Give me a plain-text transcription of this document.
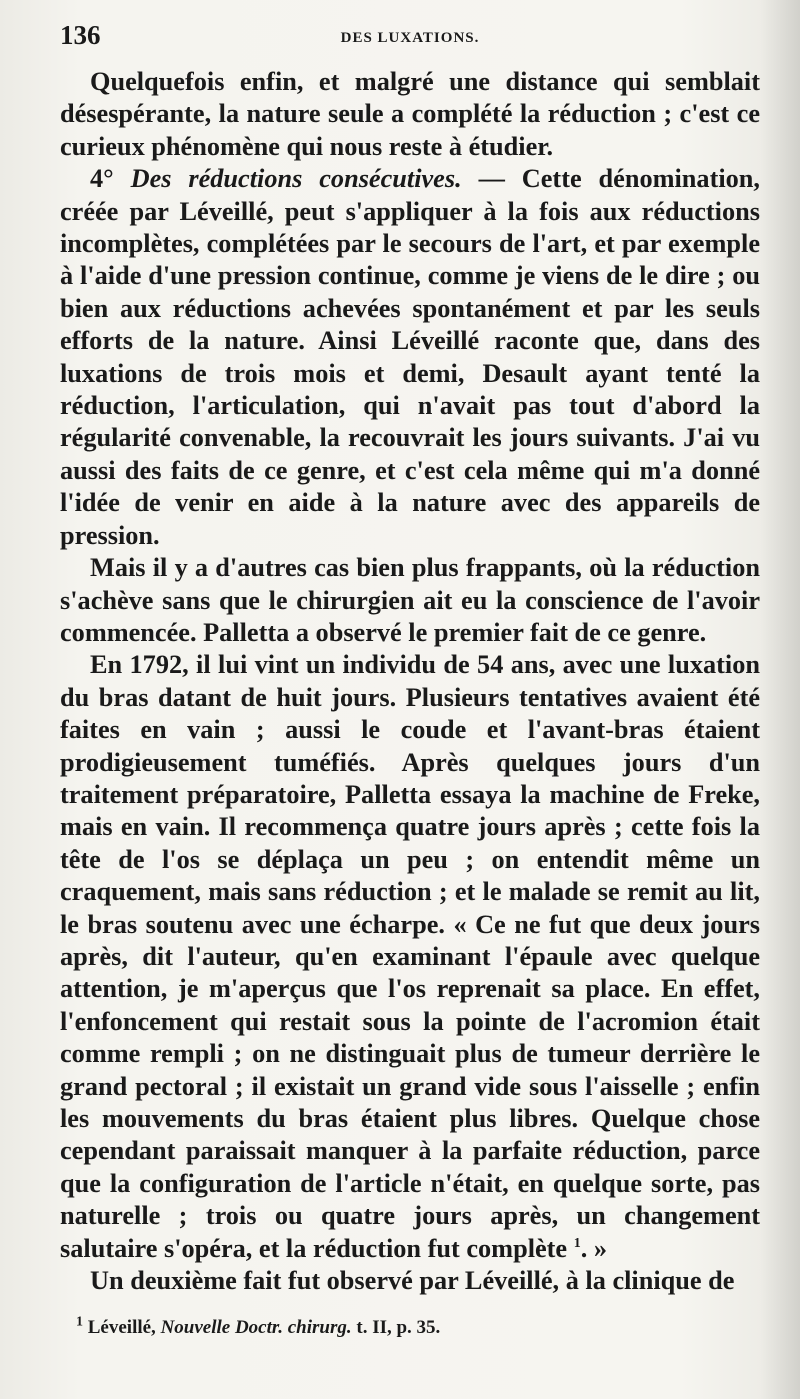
136	DES LUXATIONS.

Quelquefois enfin, et malgré une distance qui semblait désespérante, la nature seule a complété la réduction ; c'est ce curieux phénomène qui nous reste à étudier.

4° Des réductions consécutives. — Cette dénomination, créée par Léveillé, peut s'appliquer à la fois aux réductions incomplètes, complétées par le secours de l'art, et par exemple à l'aide d'une pression continue, comme je viens de le dire ; ou bien aux réductions achevées spontanément et par les seuls efforts de la nature. Ainsi Léveillé raconte que, dans des luxations de trois mois et demi, Desault ayant tenté la réduction, l'articulation, qui n'avait pas tout d'abord la régularité convenable, la recouvrait les jours suivants. J'ai vu aussi des faits de ce genre, et c'est cela même qui m'a donné l'idée de venir en aide à la nature avec des appareils de pression.

Mais il y a d'autres cas bien plus frappants, où la réduction s'achève sans que le chirurgien ait eu la conscience de l'avoir commencée. Palletta a observé le premier fait de ce genre.

En 1792, il lui vint un individu de 54 ans, avec une luxation du bras datant de huit jours. Plusieurs tentatives avaient été faites en vain ; aussi le coude et l'avant-bras étaient prodigieusement tuméfiés. Après quelques jours d'un traitement préparatoire, Palletta essaya la machine de Freke, mais en vain. Il recommença quatre jours après ; cette fois la tête de l'os se déplaça un peu ; on entendit même un craquement, mais sans réduction ; et le malade se remit au lit, le bras soutenu avec une écharpe. « Ce ne fut que deux jours après, dit l'auteur, qu'en examinant l'épaule avec quelque attention, je m'aperçus que l'os reprenait sa place. En effet, l'enfoncement qui restait sous la pointe de l'acromion était comme rempli ; on ne distinguait plus de tumeur derrière le grand pectoral ; il existait un grand vide sous l'aisselle ; enfin les mouvements du bras étaient plus libres. Quelque chose cependant paraissait manquer à la parfaite réduction, parce que la configuration de l'article n'était, en quelque sorte, pas naturelle ; trois ou quatre jours après, un changement salutaire s'opéra, et la réduction fut complète $^1$. »

Un deuxième fait fut observé par Léveillé, à la clinique de

$^1$ Léveillé, Nouvelle Doctr. chirurg. t. II, p. 35.
